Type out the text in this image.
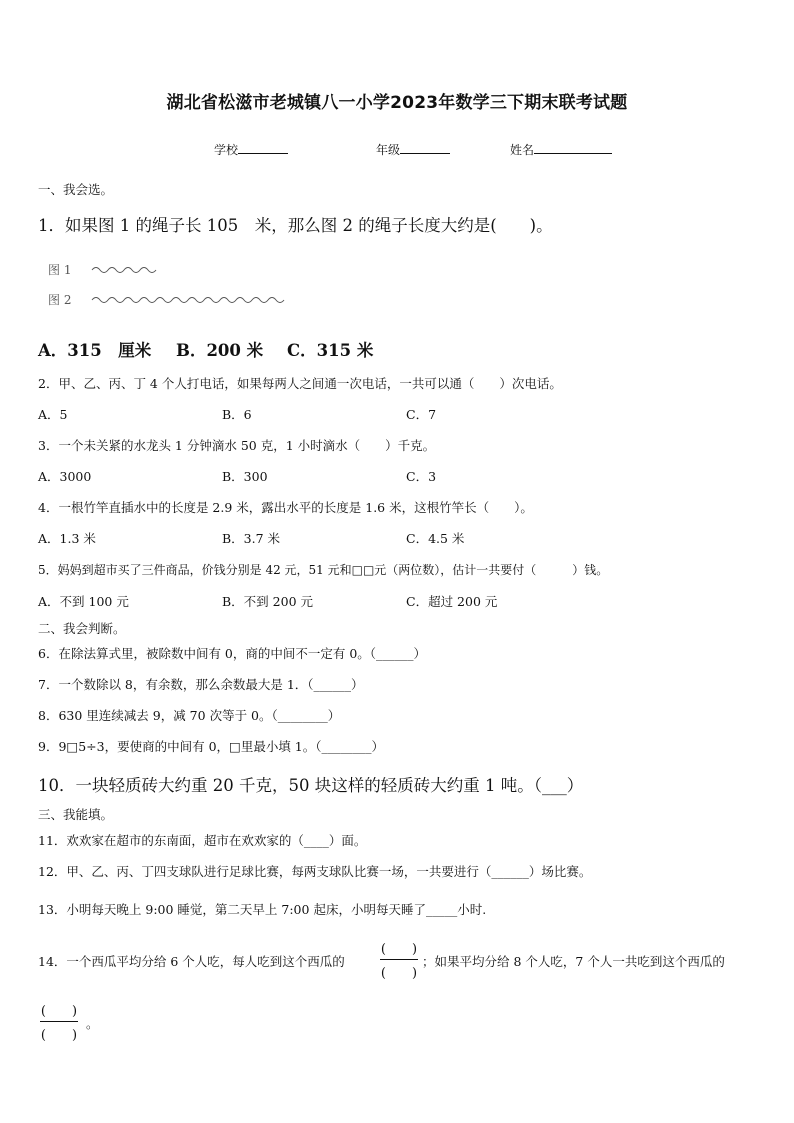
湖北省松滋市老城镇八一小学2023年数学三下期末联考试题
学校	年级	姓名
一、我会选。
1．如果图 1 的绳子长 105　米，那么图 2 的绳子长度大约是(　　)。
图 1
图 2
A．315　厘米 B．200 米 C．315 米
2．甲、乙、丙、丁 4 个人打电话，如果每两人之间通一次电话，一共可以通（　　）次电话。
A．5	B．6	C．7
3．一个未关紧的水龙头 1 分钟滴水 50 克，1 小时滴水（　　）千克。
A．3000	B．300	C．3
4．一根竹竿直插水中的长度是 2.9 米，露出水平的长度是 1.6 米，这根竹竿长（　　）。
A．1.3 米	B．3.7 米	C．4.5 米
5．妈妈到超市买了三件商品，价钱分别是 42 元，51 元和□□元（两位数），估计一共要付（　　　）钱。
A．不到 100 元	B．不到 200 元	C．超过 200 元
二、我会判断。
6．在除法算式里，被除数中间有 0，商的中间不一定有 0。（______）
7．一个数除以 8，有余数，那么余数最大是 1．（______）
8．630 里连续减去 9，减 70 次等于 0。（________）
9．9□5÷3，要使商的中间有 0，□里最小填 1。（________）
10．一块轻质砖大约重 20 千克，50 块这样的轻质砖大约重 1 吨。（___）
三、我能填。
11．欢欢家在超市的东南面，超市在欢欢家的（____）面。
12．甲、乙、丙、丁四支球队进行足球比赛，每两支球队比赛一场，一共要进行（______）场比赛。
13．小明每天晚上 9:00 睡觉，第二天早上 7:00 起床，小明每天睡了_____小时.
14．一个西瓜平均分给 6 个人吃，每人吃到这个西瓜的
(　　)
(　　)
；如果平均分给 8 个人吃，7 个人一共吃到这个西瓜的
(　　)
(　　)
。
